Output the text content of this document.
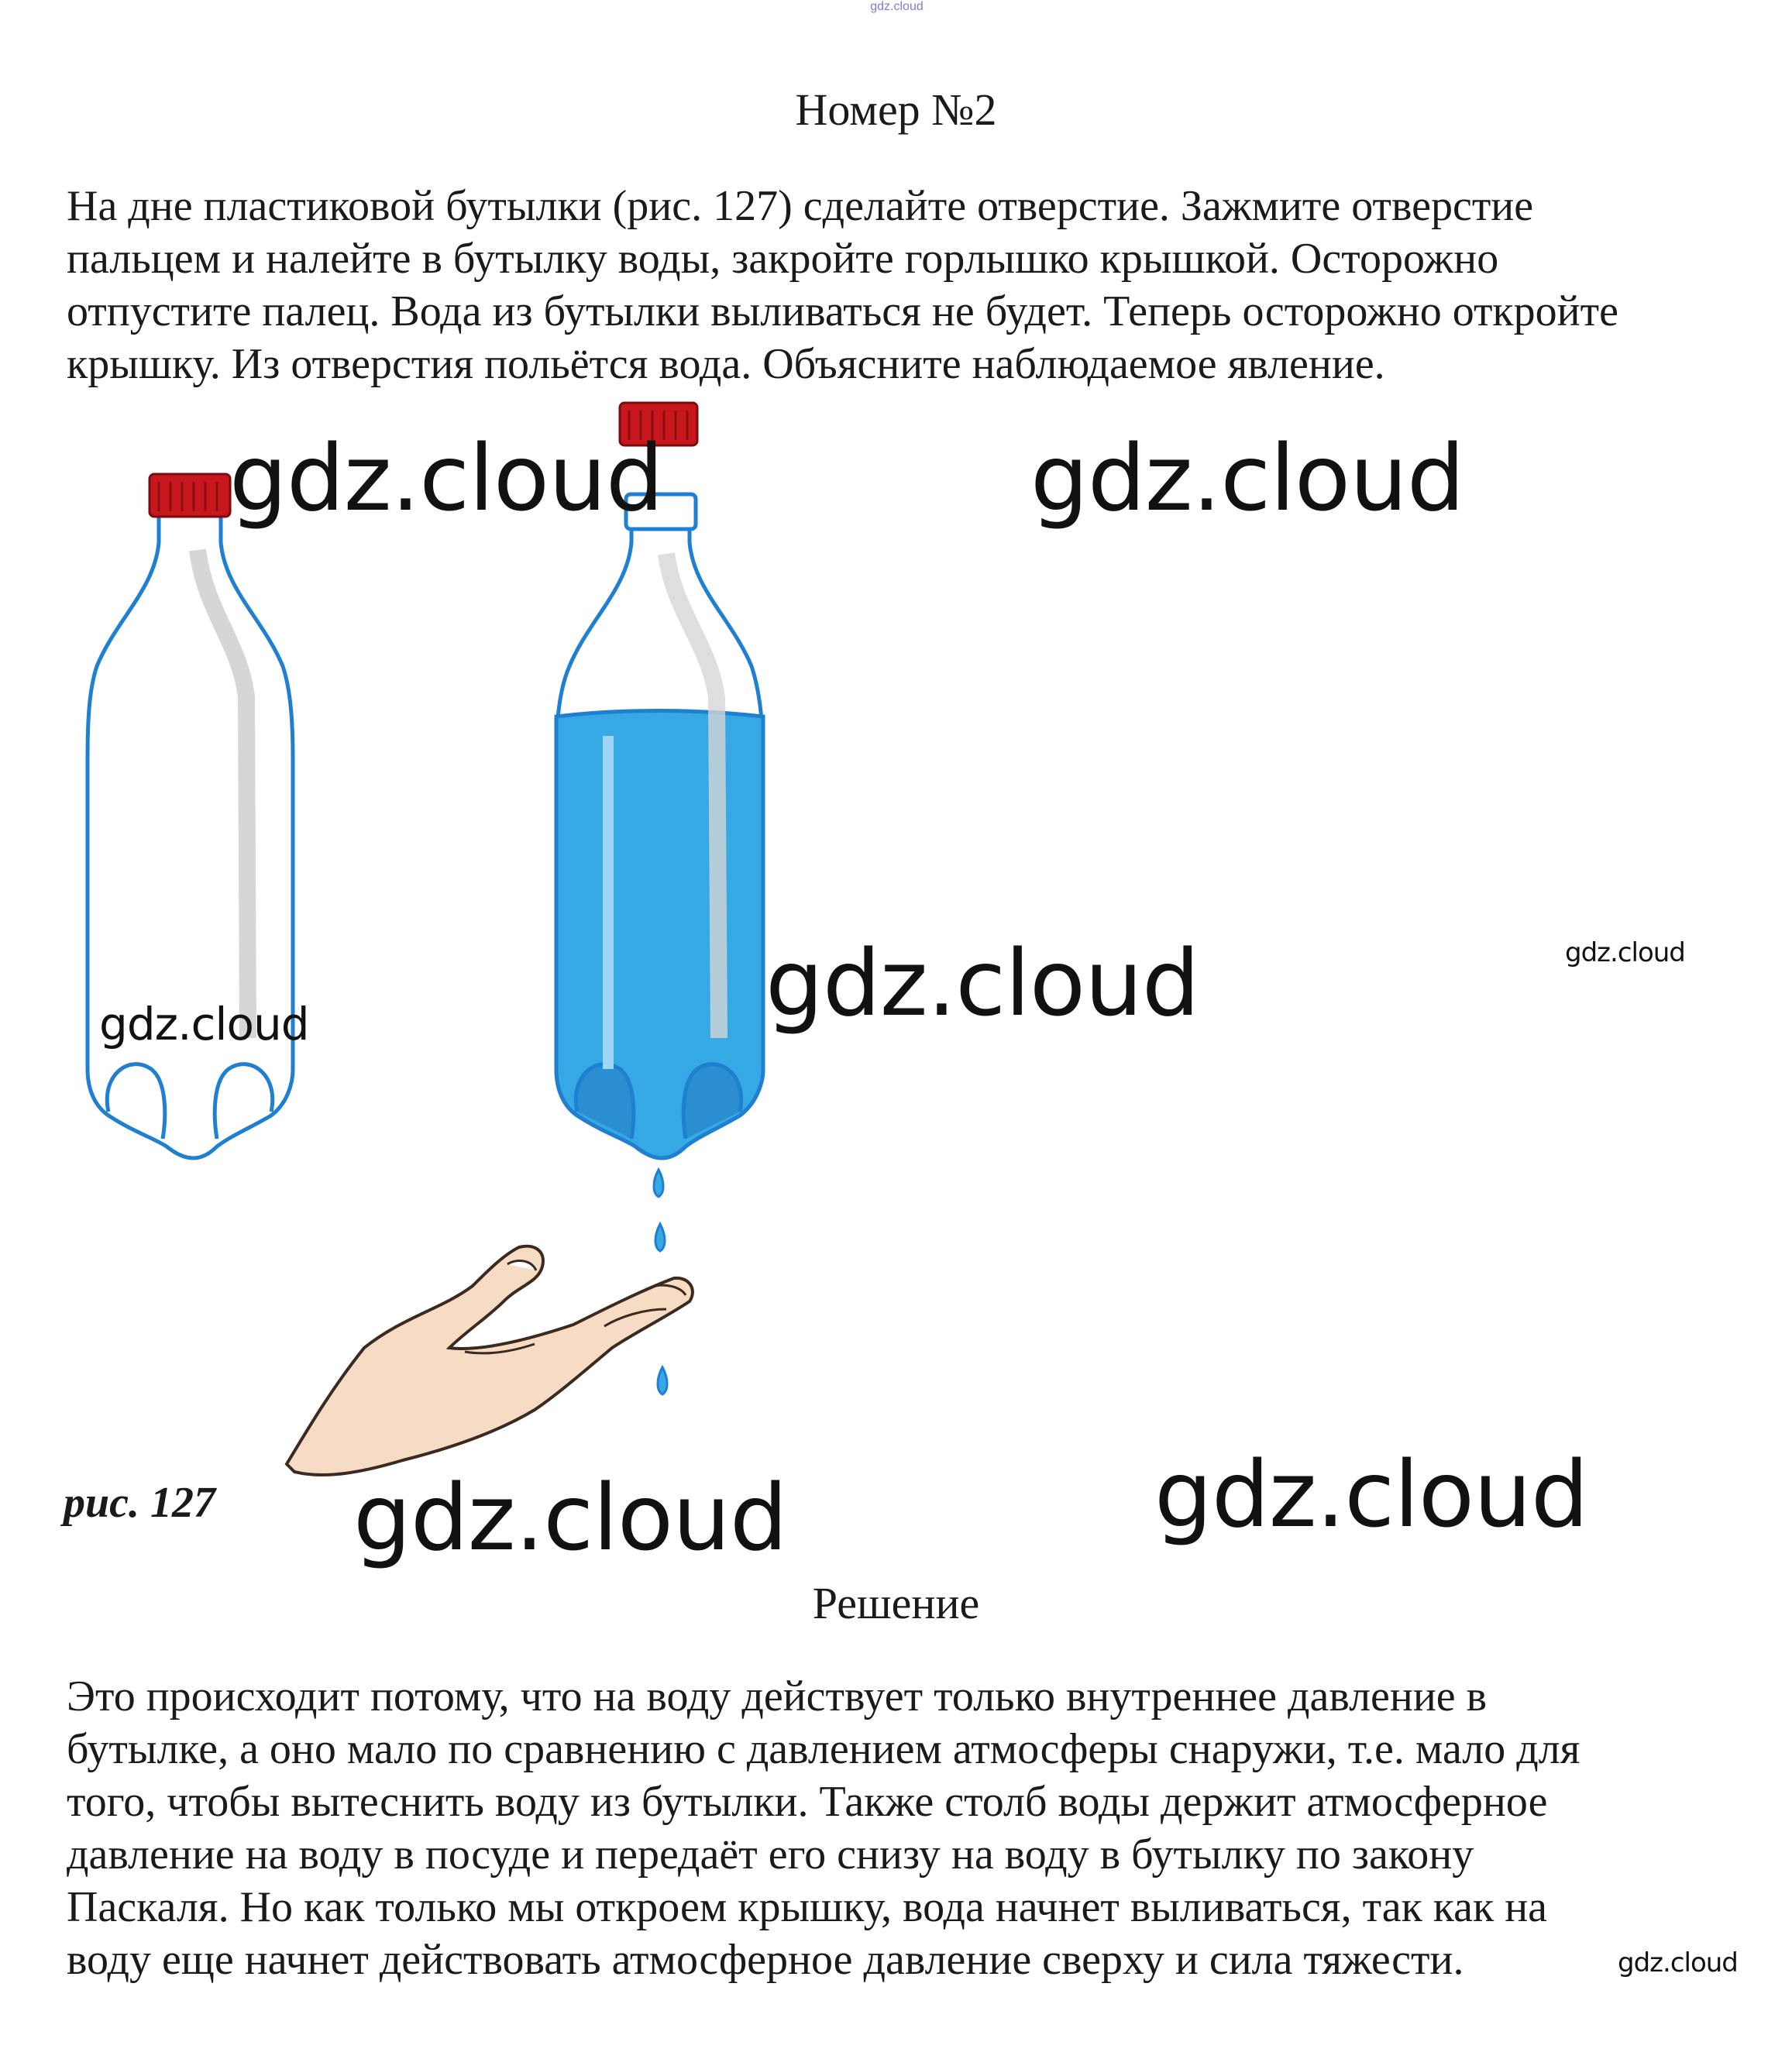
gdz.cloud
Номер №2

На дне пластиковой бутылки (рис. 127) сделайте отверстие. Зажмите отверстие
пальцем и налейте в бутылку воды, закройте горлышко крышкой. Осторожно
отпустите палец. Вода из бутылки выливаться не будет. Теперь осторожно откройте
крышку. Из отверстия польётся вода. Объясните наблюдаемое явление.

gdz.cloud	gdz.cloud
gdz.cloud	gdz.cloud
gdz.cloud
gdz.cloud
gdz.cloud
gdz.cloud
рис. 127
Решение

Это происходит потому, что на воду действует только внутреннее давление в
бутылке, а оно мало по сравнению с давлением атмосферы снаружи, т.е. мало для
того, чтобы вытеснить воду из бутылки. Также столб воды держит атмосферное
давление на воду в посуде и передаёт его снизу на воду в бутылку по закону
Паскаля. Но как только мы откроем крышку, вода начнет выливаться, так как на
воду еще начнет действовать атмосферное давление сверху и сила тяжести.
